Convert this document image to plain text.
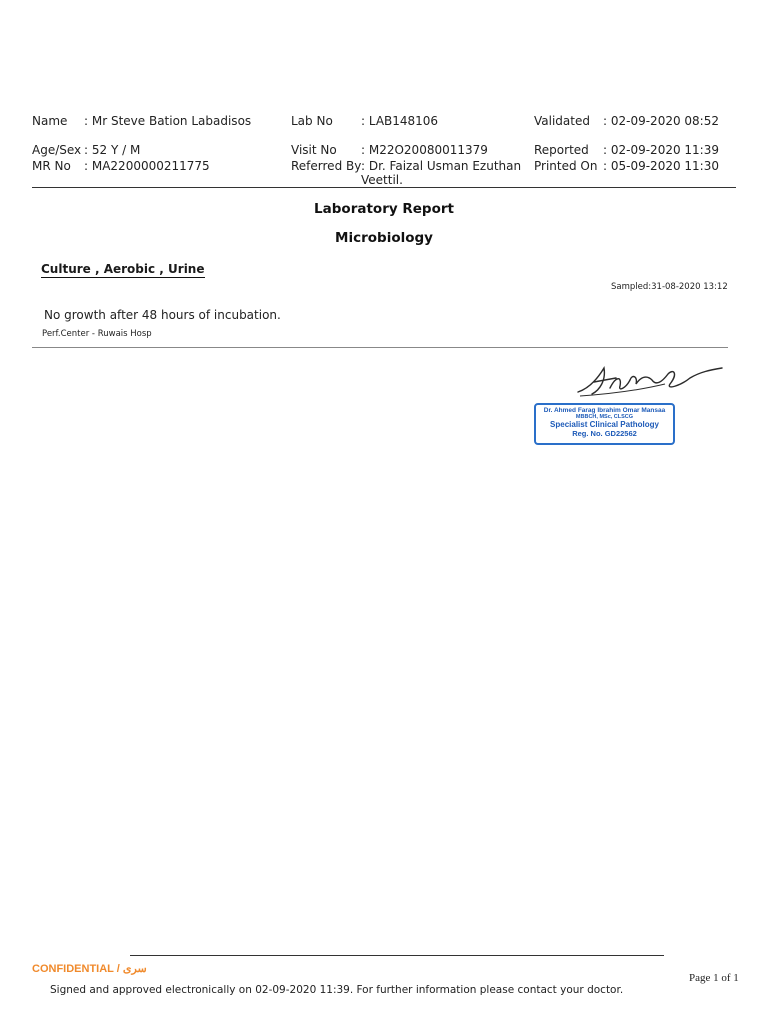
Name : Mr Steve Bation Labadisos
Age/Sex : 52 Y / M
MR No : MA2200000211775
Lab No : LAB148106
Visit No : M22O20080011379
Referred By : Dr. Faizal Usman Ezuthan
Veettil.
Validated : 02-09-2020 08:52
Reported : 02-09-2020 11:39
Printed On : 05-09-2020 11:30
Laboratory Report
Microbiology
Culture , Aerobic , Urine
Sampled:31-08-2020 13:12
No growth after 48 hours of incubation.
Perf.Center - Ruwais Hosp
Dr. Ahmed Farag Ibrahim Omar Mansaa
MBBCH, MSc, CLSCG
Specialist Clinical Pathology
Reg. No. GD22562
CONFIDENTIAL / سرى
Page 1 of 1
Signed and approved electronically on 02-09-2020 11:39. For further information please contact your doctor.
